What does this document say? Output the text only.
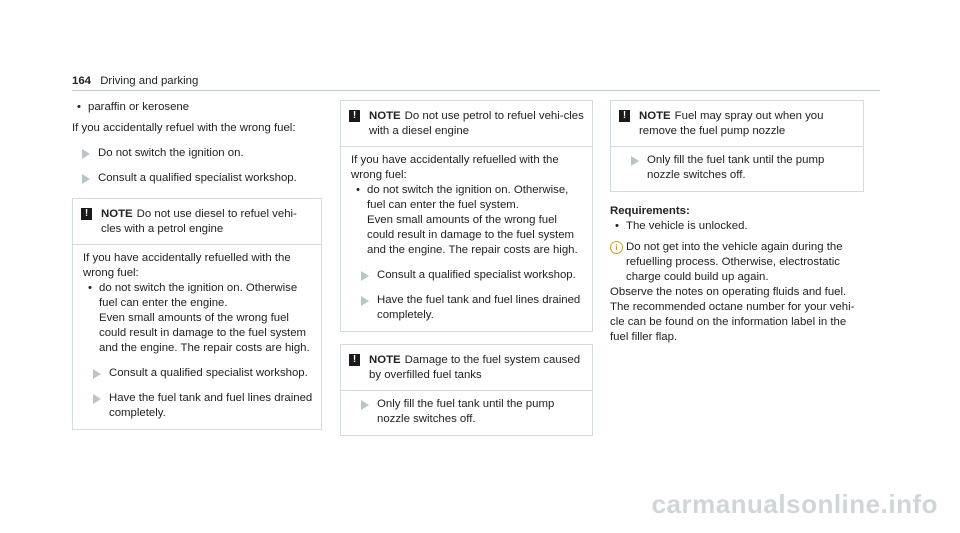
164 Driving and parking

• paraffin or kerosene

If you accidentally refuel with the wrong fuel:

Do not switch the ignition on.

Consult a qualified specialist workshop.

!	NOTE Do not use diesel to refuel vehi-cles with a petrol engine

If you have accidentally refuelled with the wrong fuel:

• do not switch the ignition on. Otherwise fuel can enter the engine.

Even small amounts of the wrong fuel could result in damage to the fuel system and the engine. The repair costs are high.

Consult a qualified specialist workshop.

Have the fuel tank and fuel lines drained completely.

!	NOTE Do not use petrol to refuel vehi-cles with a diesel engine

If you have accidentally refuelled with the wrong fuel:

• do not switch the ignition on. Otherwise, fuel can enter the fuel system.

Even small amounts of the wrong fuel could result in damage to the fuel system and the engine. The repair costs are high.

Consult a qualified specialist workshop.

Have the fuel tank and fuel lines drained completely.

!	NOTE Damage to the fuel system caused by overfilled fuel tanks

Only fill the fuel tank until the pump nozzle switches off.

!	NOTE Fuel may spray out when you remove the fuel pump nozzle

Only fill the fuel tank until the pump nozzle switches off.

Requirements:

• The vehicle is unlocked.

i Do not get into the vehicle again during the refuelling process. Otherwise, electrostatic charge could build up again.

Observe the notes on operating fluids and fuel.

The recommended octane number for your vehi-cle can be found on the information label in the fuel filler flap.

carmanualsonline.info
